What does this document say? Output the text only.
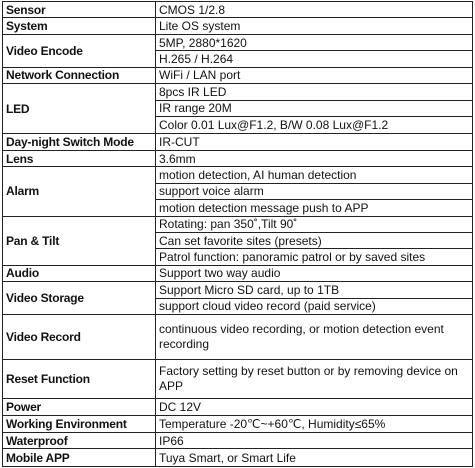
Sensor	CMOS 1/2.8
System	Lite OS system
Video Encode	5MP, 2880*1620
	H.265 / H.264
Network Connection	WiFi / LAN port
LED	8pcs IR LED
	IR range 20M
	Color 0.01 Lux@F1.2, B/W 0.08 Lux@F1.2
Day-night Switch Mode	IR-CUT
Lens	3.6mm
Alarm	motion detection, AI human detection
	support voice alarm
	motion detection message push to APP
Pan & Tilt	Rotating: pan 350˚,Tilt 90˚
	Can set favorite sites (presets)
	Patrol function: panoramic patrol or by saved sites
Audio	Support two way audio
Video Storage	Support Micro SD card, up to 1TB
	support cloud video record (paid service)
Video Record	continuous video recording, or motion detection event recording
Reset Function	Factory setting by reset button or by removing device on APP
Power	DC 12V
Working Environment	Temperature -20℃~+60℃, Humidity≤65%
Waterproof	IP66
Mobile APP	Tuya Smart, or Smart Life
